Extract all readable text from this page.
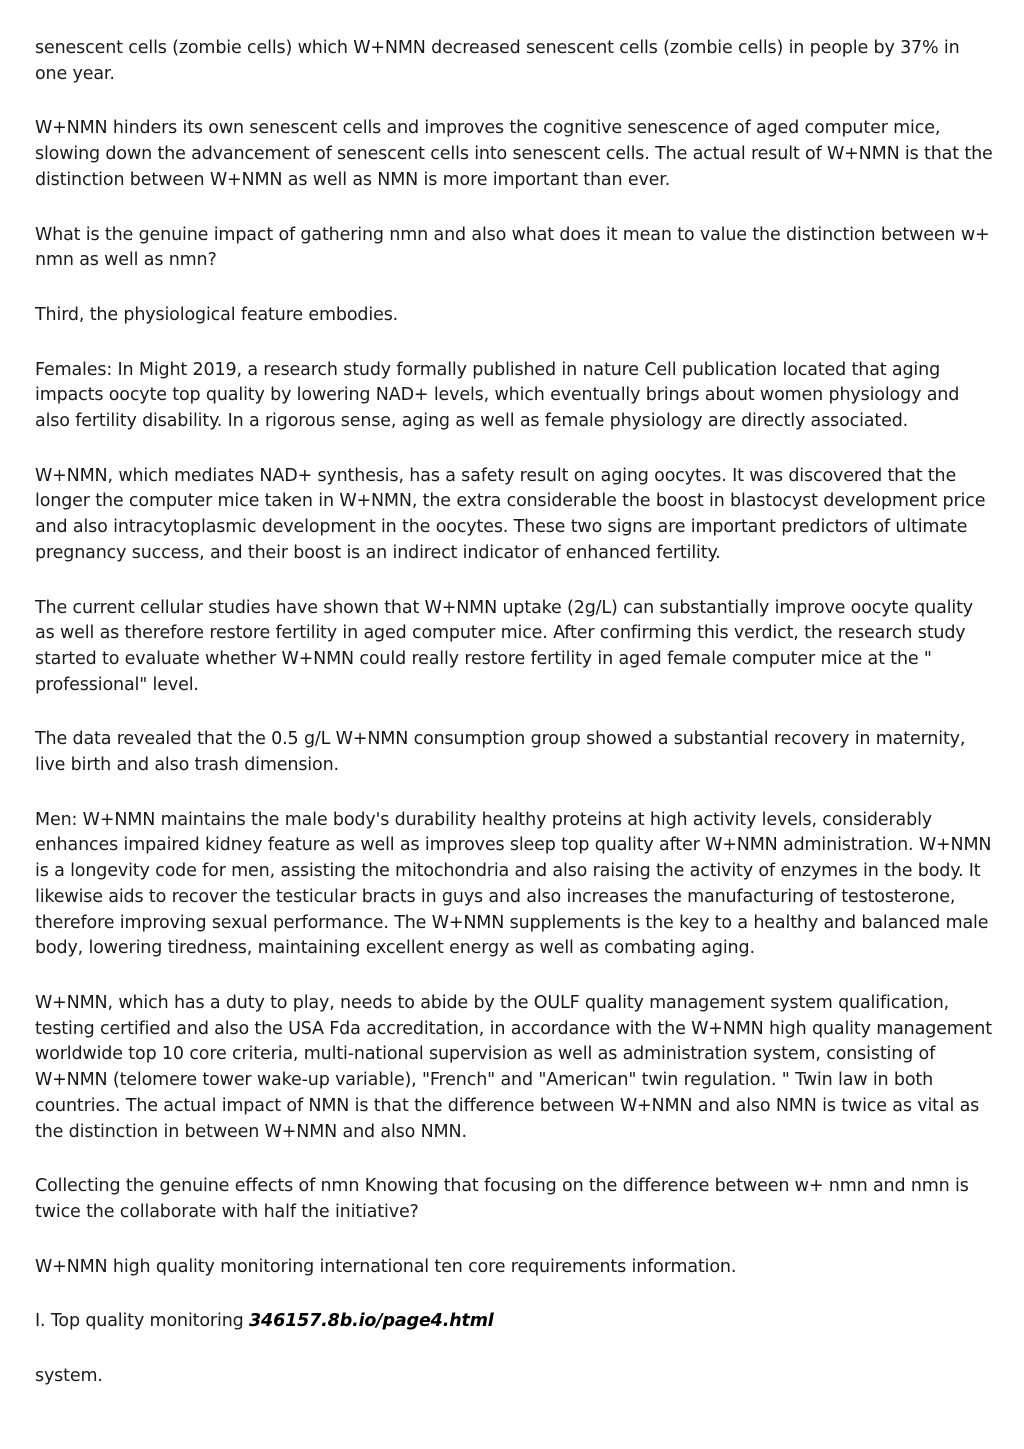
senescent cells (zombie cells) which W+NMN decreased senescent cells (zombie cells) in people by 37% in one year.

W+NMN hinders its own senescent cells and improves the cognitive senescence of aged computer mice, slowing down the advancement of senescent cells into senescent cells. The actual result of W+NMN is that the distinction between W+NMN as well as NMN is more important than ever.

What is the genuine impact of gathering nmn and also what does it mean to value the distinction between w+ nmn as well as nmn?

Third, the physiological feature embodies.

Females: In Might 2019, a research study formally published in nature Cell publication located that aging impacts oocyte top quality by lowering NAD+ levels, which eventually brings about women physiology and also fertility disability. In a rigorous sense, aging as well as female physiology are directly associated.

W+NMN, which mediates NAD+ synthesis, has a safety result on aging oocytes. It was discovered that the longer the computer mice taken in W+NMN, the extra considerable the boost in blastocyst development price and also intracytoplasmic development in the oocytes. These two signs are important predictors of ultimate pregnancy success, and their boost is an indirect indicator of enhanced fertility.

The current cellular studies have shown that W+NMN uptake (2g/L) can substantially improve oocyte quality as well as therefore restore fertility in aged computer mice. After confirming this verdict, the research study started to evaluate whether W+NMN could really restore fertility in aged female computer mice at the " professional" level.

The data revealed that the 0.5 g/L W+NMN consumption group showed a substantial recovery in maternity, live birth and also trash dimension.

Men: W+NMN maintains the male body's durability healthy proteins at high activity levels, considerably enhances impaired kidney feature as well as improves sleep top quality after W+NMN administration. W+NMN is a longevity code for men, assisting the mitochondria and also raising the activity of enzymes in the body. It likewise aids to recover the testicular bracts in guys and also increases the manufacturing of testosterone, therefore improving sexual performance. The W+NMN supplements is the key to a healthy and balanced male body, lowering tiredness, maintaining excellent energy as well as combating aging.

W+NMN, which has a duty to play, needs to abide by the OULF quality management system qualification, testing certified and also the USA Fda accreditation, in accordance with the W+NMN high quality management worldwide top 10 core criteria, multi-national supervision as well as administration system, consisting of W+NMN (telomere tower wake-up variable), "French" and "American" twin regulation. " Twin law in both countries. The actual impact of NMN is that the difference between W+NMN and also NMN is twice as vital as the distinction in between W+NMN and also NMN.

Collecting the genuine effects of nmn Knowing that focusing on the difference between w+ nmn and nmn is twice the collaborate with half the initiative?

W+NMN high quality monitoring international ten core requirements information.

I. Top quality monitoring 346157.8b.io/page4.html

system.
